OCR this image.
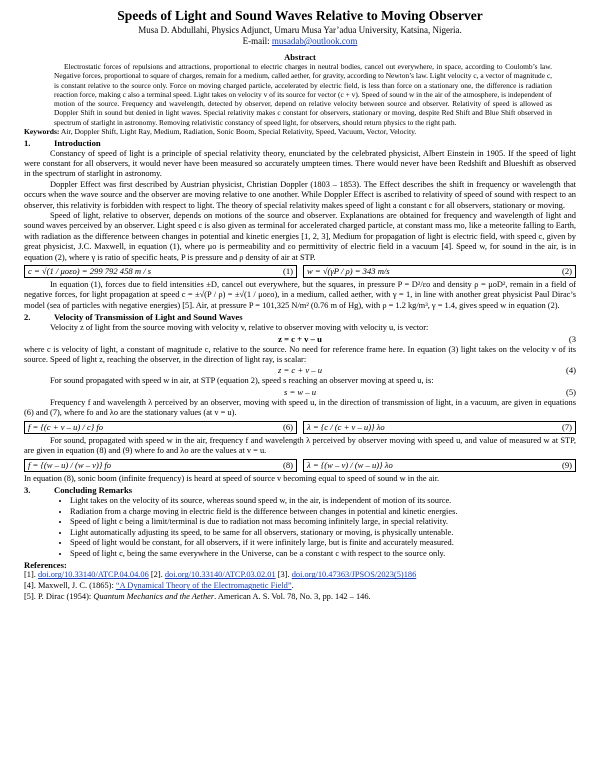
Speeds of Light and Sound Waves Relative to Moving Observer
Musa D. Abdullahi, Physics Adjunct, Umaru Musa Yar’adua University, Katsina, Nigeria.
E-mail: musadab@outlook.com
Abstract
Electrostatic forces of repulsions and attractions, proportional to electric charges in neutral bodies, cancel out everywhere, in space, according to Coulomb’s law. Negative forces, proportional to square of charges, remain for a medium, called aether, for gravity, according to Newton’s law. Light velocity c, a vector of magnitude c, is constant relative to the source only. Force on moving charged particle, accelerated by electric field, is less than force on a stationary one, the difference is radiation reaction force, making c also a terminal speed. Light takes on velocity v of its source for vector (c + v). Speed of sound w in the air of the atmosphere, is independent of motion of the source. Frequency and wavelength, detected by observer, depend on relative velocity between source and observer. Relativity of speed is allowed as Doppler Shift in sound but denied in light waves. Special relativity makes c constant for observers, stationary or moving, despite Red Shift and Blue Shift observed in spectrum of starlight in astronomy. Removing relativistic constancy of speed light, for observers, should return physics to the right path.
Keywords: Air, Doppler Shift, Light Ray, Medium, Radiation, Sonic Boom, Special Relativity, Speed, Vacuum, Vector, Velocity.
1.	Introduction

Constancy of speed of light is a principle of special relativity theory, enunciated by the celebrated physicist, Albert Einstein in 1905. If the speed of light were constant for all observers, it would never have been measured so accurately umpteen times. There would never have been Redshift and Blueshift as observed in the spectrum of starlight in astronomy.

Doppler Effect was first described by Austrian physicist, Christian Doppler (1803 – 1853). The Effect describes the shift in frequency or wavelength that occurs when the wave source and the observer are moving relative to one another. While Doppler Effect is ascribed to relativity of speed of sound with respect to an observer, this relativity is forbidden with respect to light. The theory of special relativity makes speed of light a constant c for all observers, stationary or moving.

Speed of light, relative to observer, depends on motions of the source and observer. Explanations are obtained for frequency and wavelength of light and sound waves perceived by an observer. Light speed c is also given as terminal for accelerated charged particle, at constant mass mo, like a meteorite falling to Earth, with radiation as the difference between changes in potential and kinetic energies [1, 2, 3], Medium for propagation of light is electric field, with speed c, given by great physicist, J.C. Maxwell, in equation (1), where μo is permeability and εo permittivity of electric field in a vacuum [4]. Speed w, for sound in the air, is in equation (2), where γ is ratio of specific heats, P is pressure and ρ density of air at STP.

c = √(1 / μoεo) = 299 792 458 m / s	(1) w = √(γP / ρ) = 343 m/s	(2)

In equation (1), forces due to field intensities ±D, cancel out everywhere, but the squares, in pressure P = D²/εo and density ρ = μoD², remain in a field of negative forces, for light propagation at speed c = ±√(P / ρ) = ±√(1 / μoεo), in a medium, called aether, with γ = 1, in line with another great physicist Paul Dirac’s model (sea of particles with negative energies) [5]. Air, at pressure P = 101,325 N/m² (0.76 m of Hg), with ρ = 1.2 kg/m³, γ = 1.4, gives speed w in equation (2).

2.	Velocity of Transmission of Light and Sound Waves

Velocity z of light from the source moving with velocity v, relative to observer moving with velocity u, is vector:

z = c + v – u	(3

where c is velocity of light, a constant of magnitude c, relative to the source. No need for reference frame here. In equation (3) light takes on the velocity v of its source. Speed of light z, reaching the observer, in the direction of light ray, is scalar:

z = c + v – u	(4)

For sound propagated with speed w in air, at STP (equation 2), speed s reaching an observer moving at speed u, is:

s = w – u	(5)

Frequency f and wavelength λ perceived by an observer, moving with speed u, in the direction of transmission of light, in a vacuum, are given in equations (6) and (7), where fo and λo are the stationary values (at v = u).

f = {(c + v – u) / c} fo	(6) λ = {c / (c + v – u)} λo	(7)

For sound, propagated with speed w in the air, frequency f and wavelength λ perceived by observer moving with speed u, and value of measured w at STP, are given in equation (8) and (9) where fo and λo are the values at v = u.

f = {(w – u) / (w – v)} fo	(8) λ = {(w – v) / (w – u)} λo	(9)

In equation (8), sonic boom (infinite frequency) is heard at speed of source v becoming equal to speed of sound w in the air.

3.	Concluding Remarks
• Light takes on the velocity of its source, whereas sound speed w, in the air, is independent of motion of its source.
• Radiation from a charge moving in electric field is the difference between changes in potential and kinetic energies.
• Speed of light c being a limit/terminal is due to radiation not mass becoming infinitely large, in special relativity.
• Light automatically adjusting its speed, to be same for all observers, stationary or moving, is physically untenable.
• Speed of light would be constant, for all observers, if it were infinitely large, but is finite and accurately measured.
• Speed of light c, being the same everywhere in the Universe, can be a constant c with respect to the source only.
References:
[1]. doi.org/10.33140/ATCP.04.04.06 [2]. doi.org/10.33140/ATCP.03.02.01 [3]. doi.org/10.47363/JPSOS/2023(5)186
[4]. Maxwell, J. C. (1865): “A Dynamical Theory of the Electromagnetic Field”.
[5]. P. Dirac (1954): Quantum Mechanics and the Aether. American A. S. Vol. 78, No. 3, pp. 142 – 146.
